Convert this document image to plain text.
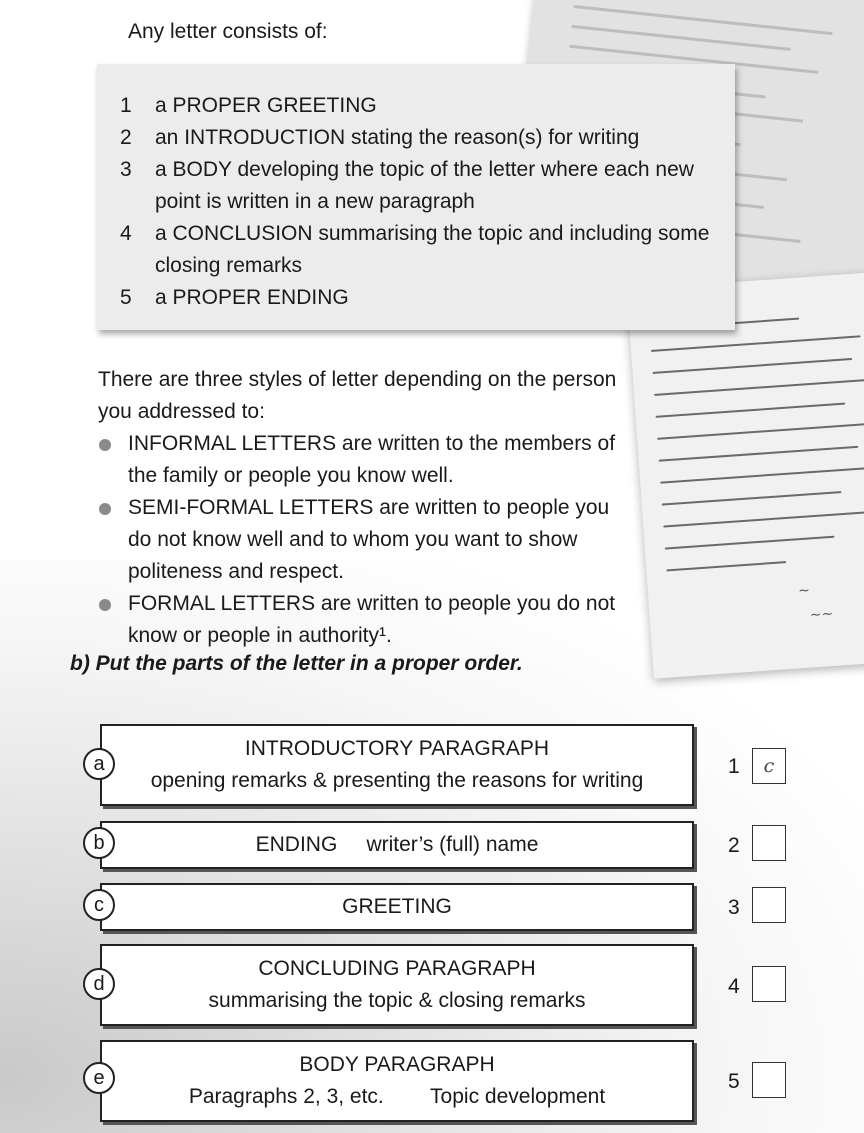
~
~~
Any letter consists of:
1 a PROPER GREETING
2 an INTRODUCTION stating the reason(s) for writing
3 a BODY developing the topic of the letter where each new point is written in a new paragraph
4 a CONCLUSION summarising the topic and including some closing remarks
5 a PROPER ENDING

There are three styles of letter depending on the person you addressed to:

INFORMAL LETTERS are written to the members of the family or people you know well.
SEMI-FORMAL LETTERS are written to people you do not know well and to whom you want to show politeness and respect.
FORMAL LETTERS are written to people you do not know or people in authority¹.
b) Put the parts of the letter in a proper order.
INTRODUCTORY PARAGRAPH
opening remarks & presenting the reasons for writing
a
ENDING     writer’s (full) name
b
GREETING
c
CONCLUDING PARAGRAPH
summarising the topic & closing remarks
d
BODY PARAGRAPH
Paragraphs 2, 3, etc.        Topic development
e
1	c
2
3
4
5
